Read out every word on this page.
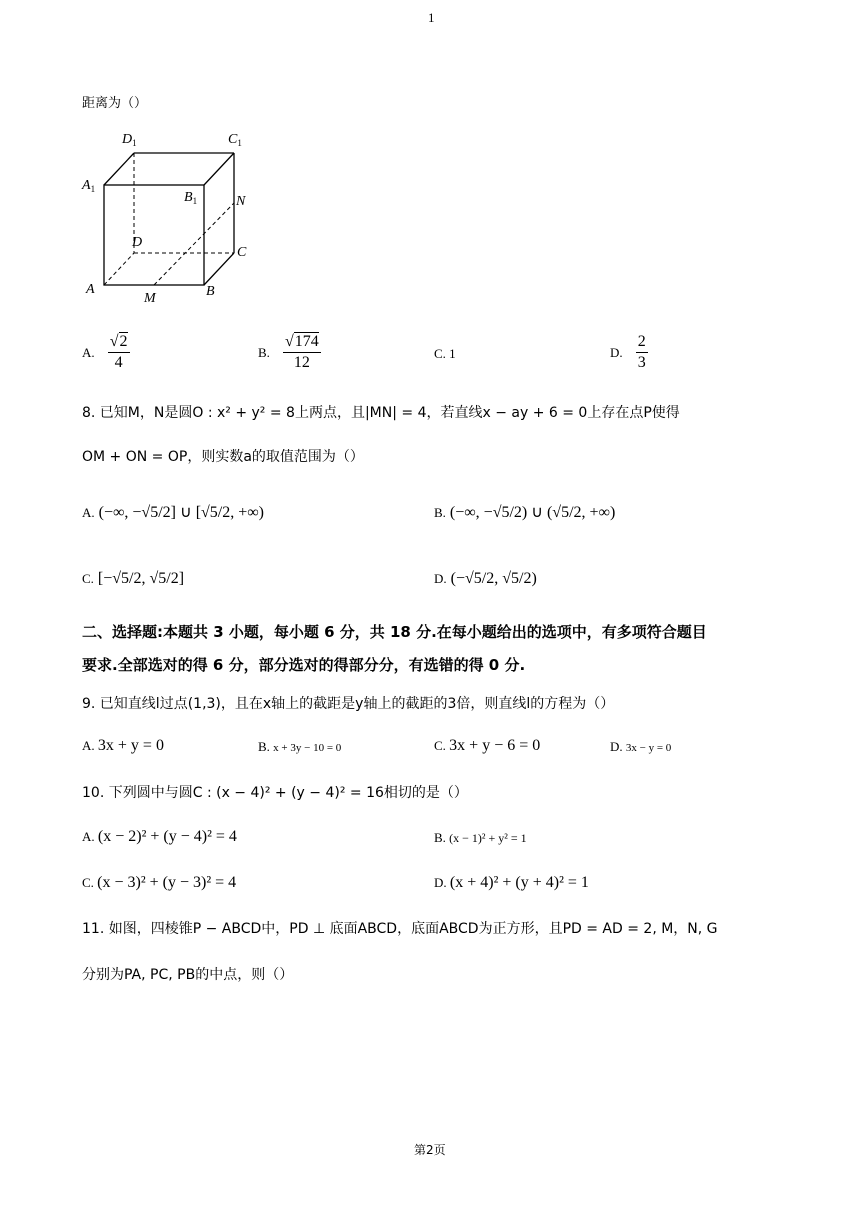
1
距离为（）
$D_1$	$C_1$
$A_1$
$B_1$	N
D
C
A
M	B
A. $\frac{√2}{4}$	B. $\frac{√174}{12}$	C. 1	D. $\frac{2}{3}$
8. 已知M，N是圆O : x² + y² = 8上两点，且|MN| = 4，若直线x − ay + 6 = 0上存在点P使得
OM + ON = OP，则实数a的取值范围为（）
A. (−∞, −√5/2] ∪ [√5/2, +∞)	B. (−∞, −√5/2) ∪ (√5/2, +∞)
C. [−√5/2, √5/2]	D. (−√5/2, √5/2)
二、选择题:本题共 3 小题，每小题 6 分，共 18 分.在每小题给出的选项中，有多项符合题目
要求.全部选对的得 6 分，部分选对的得部分分，有选错的得 0 分.
9. 已知直线l过点(1,3)，且在x轴上的截距是y轴上的截距的3倍，则直线l的方程为（）
A. 3x + y = 0	B. x + 3y − 10 = 0	C. 3x + y − 6 = 0	D. 3x − y = 0
10. 下列圆中与圆C : (x − 4)² + (y − 4)² = 16相切的是（）
A. (x − 2)² + (y − 4)² = 4	B. (x − 1)² + y² = 1
C. (x − 3)² + (y − 3)² = 4	D. (x + 4)² + (y + 4)² = 1
11. 如图，四棱锥P − ABCD中，PD ⊥ 底面ABCD，底面ABCD为正方形，且PD = AD = 2, M，N, G
分别为PA, PC, PB的中点，则（）
第2页
